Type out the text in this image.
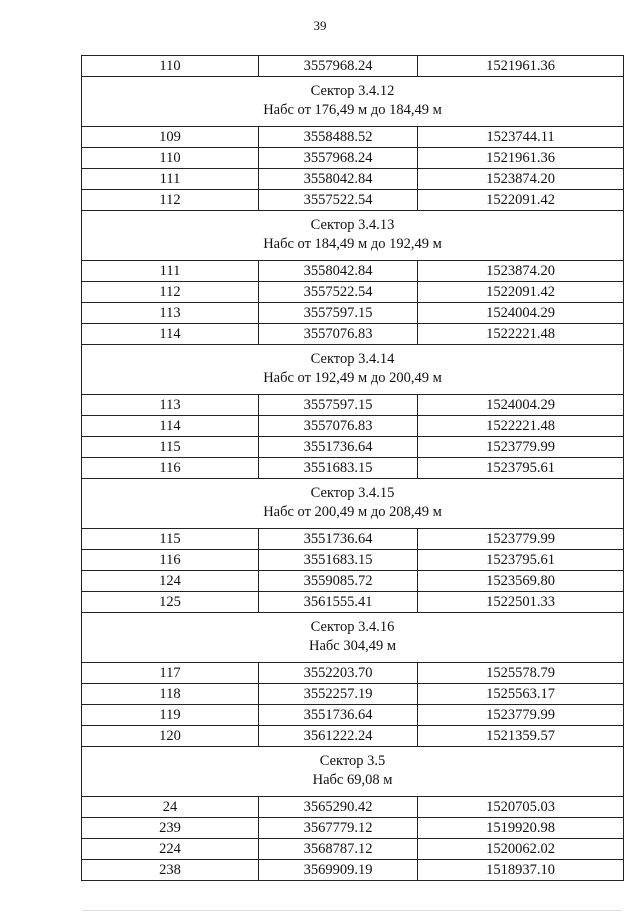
39
110	3557968.24	1521961.36

Сектор 3.4.12
Набс от 176,49 м до 184,49 м		

109	3558488.52	1523744.11
110	3557968.24	1521961.36
111	3558042.84	1523874.20
112	3557522.54	1522091.42

Сектор 3.4.13
Набс от 184,49 м до 192,49 м		

111	3558042.84	1523874.20
112	3557522.54	1522091.42
113	3557597.15	1524004.29
114	3557076.83	1522221.48

Сектор 3.4.14
Набс от 192,49 м до 200,49 м		

113	3557597.15	1524004.29
114	3557076.83	1522221.48
115	3551736.64	1523779.99
116	3551683.15	1523795.61

Сектор 3.4.15
Набс от 200,49 м до 208,49 м		

115	3551736.64	1523779.99
116	3551683.15	1523795.61
124	3559085.72	1523569.80
125	3561555.41	1522501.33

Сектор 3.4.16
Набс 304,49 м		

117	3552203.70	1525578.79
118	3552257.19	1525563.17
119	3551736.64	1523779.99
120	3561222.24	1521359.57

Сектор 3.5
Набс 69,08 м		

24	3565290.42	1520705.03
239	3567779.12	1519920.98
224	3568787.12	1520062.02
238	3569909.19	1518937.10
